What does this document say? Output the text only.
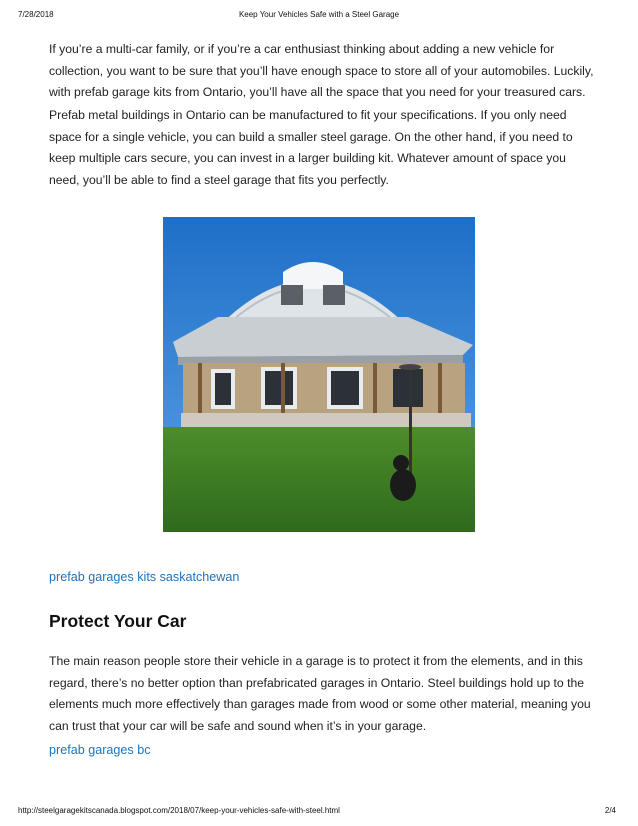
7/28/2018	Keep Your Vehicles Safe with a Steel Garage
If you’re a multi-car family, or if you’re a car enthusiast thinking about adding a new vehicle for collection, you want to be sure that you’ll have enough space to store all of your automobiles. Luckily, with prefab garage kits from Ontario, you’ll have all the space that you need for your treasured cars.
Prefab metal buildings in Ontario can be manufactured to fit your specifications. If you only need space for a single vehicle, you can build a smaller steel garage. On the other hand, if you need to keep multiple cars secure, you can invest in a larger building kit. Whatever amount of space you need, you’ll be able to find a steel garage that fits you perfectly.
prefab garages kits saskatchewan
Protect Your Car
The main reason people store their vehicle in a garage is to protect it from the elements, and in this regard, there’s no better option than prefabricated garages in Ontario. Steel buildings hold up to the elements much more effectively than garages made from wood or some other material, meaning you can trust that your car will be safe and sound when it’s in your garage.
prefab garages bc
http://steelgaragekitscanada.blogspot.com/2018/07/keep-your-vehicles-safe-with-steel.html	2/4
